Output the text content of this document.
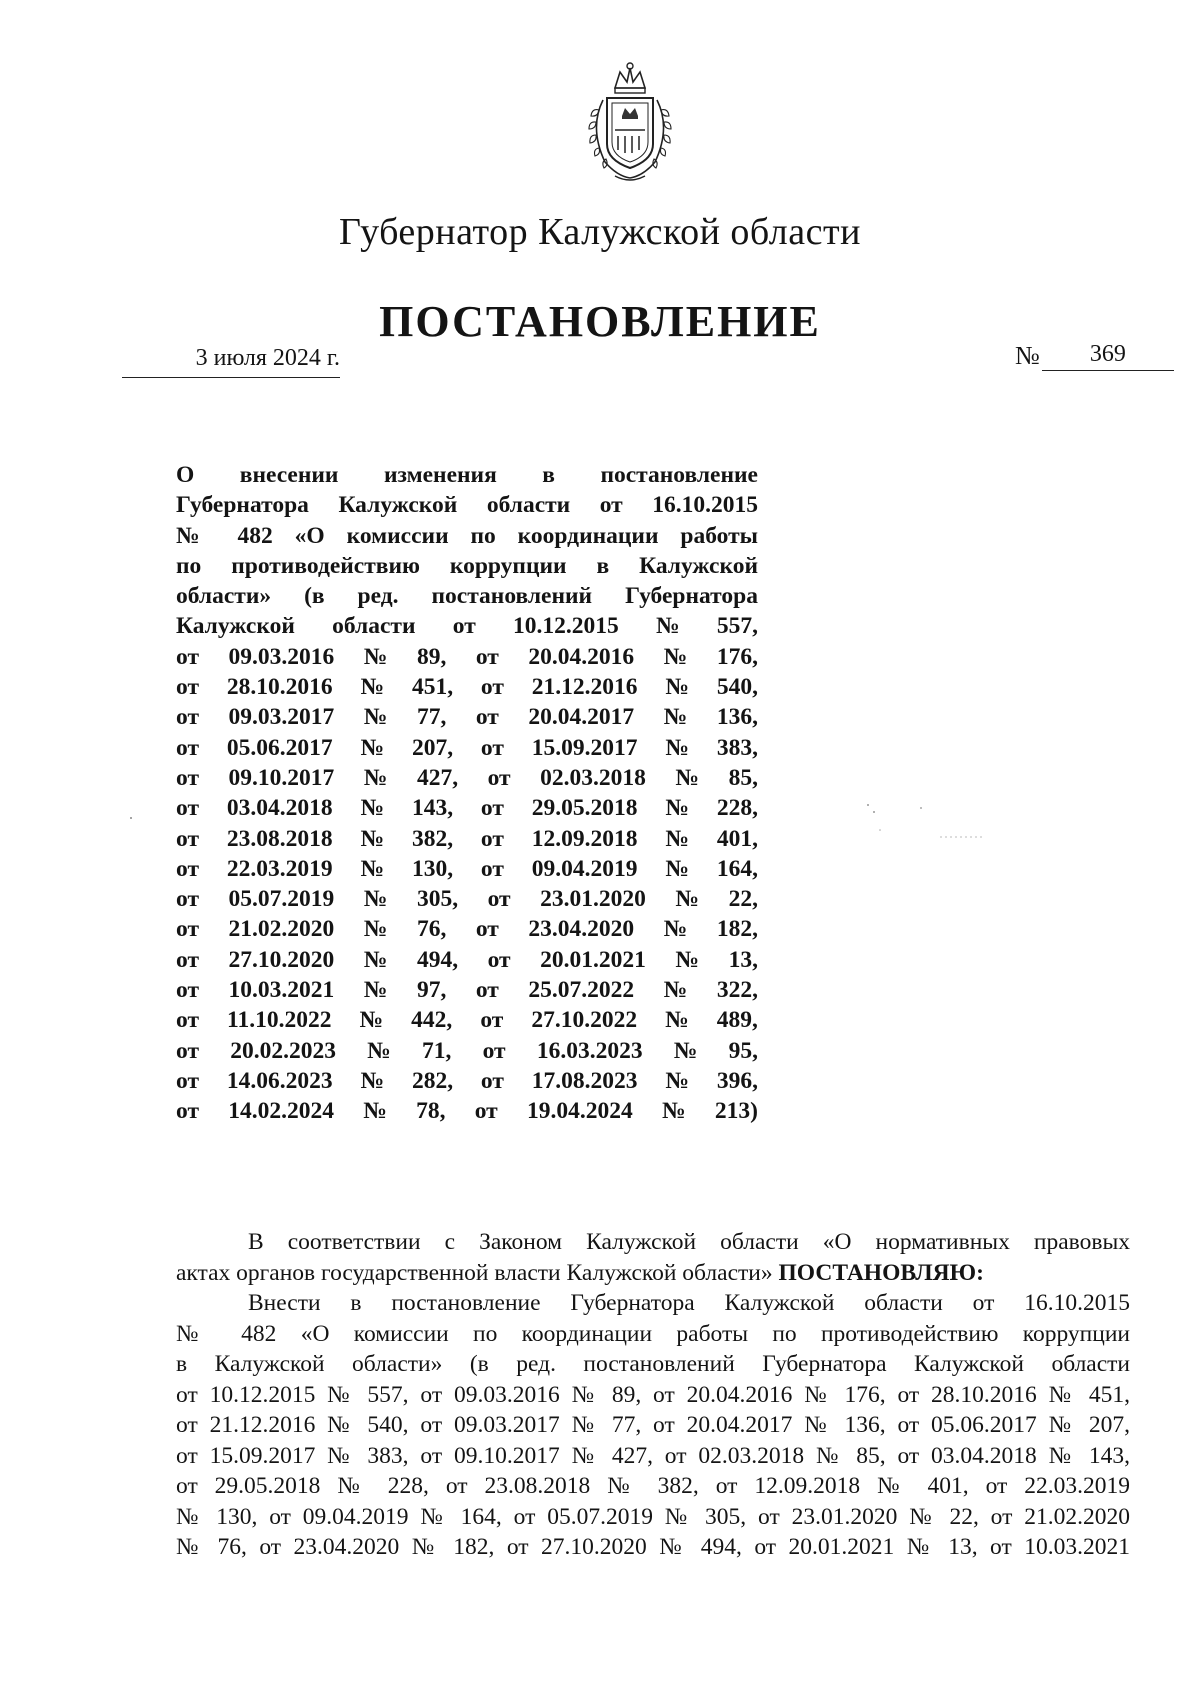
Губернатор Калужской области
ПОСТАНОВЛЕНИЕ
3 июля 2024 г.	№ 369
О внесении изменения в постановление
Губернатора Калужской области от 16.10.2015
№ 482 «О комиссии по координации работы
по противодействию коррупции в Калужской
области» (в ред. постановлений Губернатора
Калужской области от 10.12.2015 № 557,
от 09.03.2016 № 89, от 20.04.2016 № 176,
от 28.10.2016 № 451, от 21.12.2016 № 540,
от 09.03.2017 № 77, от 20.04.2017 № 136,
от 05.06.2017 № 207, от 15.09.2017 № 383,
от 09.10.2017 № 427, от 02.03.2018 № 85,
от 03.04.2018 № 143, от 29.05.2018 № 228,
от 23.08.2018 № 382, от 12.09.2018 № 401,
от 22.03.2019 № 130, от 09.04.2019 № 164,
от 05.07.2019 № 305, от 23.01.2020 № 22,
от 21.02.2020 № 76, от 23.04.2020 № 182,
от 27.10.2020 № 494, от 20.01.2021 № 13,
от 10.03.2021 № 97, от 25.07.2022 № 322,
от 11.10.2022 № 442, от 27.10.2022 № 489,
от 20.02.2023 № 71, от 16.03.2023 № 95,
от 14.06.2023 № 282, от 17.08.2023 № 396,
от 14.02.2024 № 78, от 19.04.2024 № 213)

В соответствии с Законом Калужской области «О нормативных правовых
актах органов государственной власти Калужской области» ПОСТАНОВЛЯЮ:

Внести в постановление Губернатора Калужской области от 16.10.2015
№ 482 «О комиссии по координации работы по противодействию коррупции
в Калужской области» (в ред. постановлений Губернатора Калужской области
от 10.12.2015 № 557, от 09.03.2016 № 89, от 20.04.2016 № 176, от 28.10.2016 № 451,
от 21.12.2016 № 540, от 09.03.2017 № 77, от 20.04.2017 № 136, от 05.06.2017 № 207,
от 15.09.2017 № 383, от 09.10.2017 № 427, от 02.03.2018 № 85, от 03.04.2018 № 143,
от 29.05.2018 № 228, от 23.08.2018 № 382, от 12.09.2018 № 401, от 22.03.2019
№ 130, от 09.04.2019 № 164, от 05.07.2019 № 305, от 23.01.2020 № 22, от 21.02.2020
№ 76, от 23.04.2020 № 182, от 27.10.2020 № 494, от 20.01.2021 № 13, от 10.03.2021
